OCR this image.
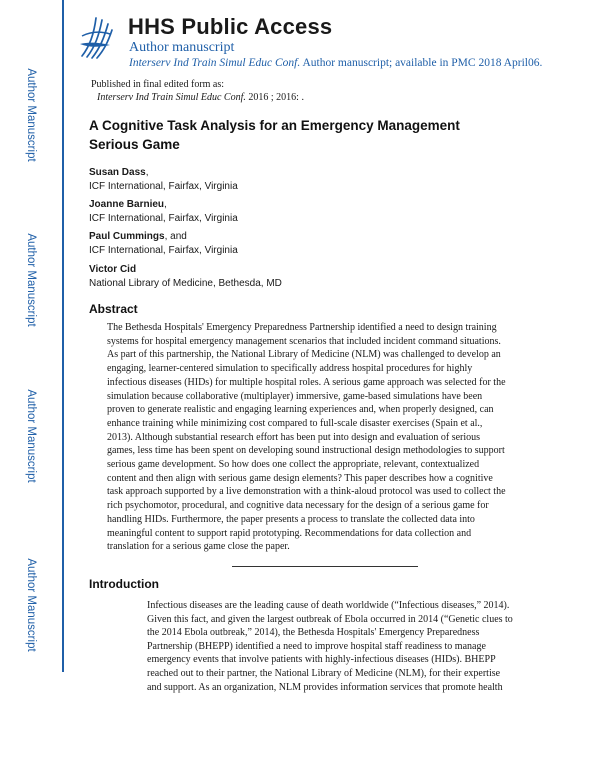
Author Manuscript
Author Manuscript
Author Manuscript
Author Manuscript
HHS Public Access
Author manuscript
Interserv Ind Train Simul Educ Conf. Author manuscript; available in PMC 2018 April06.
Published in final edited form as:
Interserv Ind Train Simul Educ Conf. 2016 ; 2016: .
A Cognitive Task Analysis for an Emergency Management Serious Game
Susan Dass,
ICF International, Fairfax, Virginia
Joanne Barnieu,
ICF International, Fairfax, Virginia
Paul Cummings, and
ICF International, Fairfax, Virginia
Victor Cid
National Library of Medicine, Bethesda, MD
Abstract

The Bethesda Hospitals' Emergency Preparedness Partnership identified a need to design training systems for hospital emergency management scenarios that included incident command situations. As part of this partnership, the National Library of Medicine (NLM) was challenged to develop an engaging, learner-centered simulation to specifically address hospital procedures for highly infectious diseases (HIDs) for multiple hospital roles. A serious game approach was selected for the simulation because collaborative (multiplayer) immersive, game-based simulations have been proven to generate realistic and engaging learning experiences and, when properly designed, can enhance training while minimizing cost compared to full-scale disaster exercises (Spain et al., 2013). Although substantial research effort has been put into design and evaluation of serious games, less time has been spent on developing sound instructional design methodologies to support serious game development. So how does one collect the appropriate, relevant, contextualized content and then align with serious game design elements? This paper describes how a cognitive task approach supported by a live demonstration with a think-aloud protocol was used to collect the rich psychomotor, procedural, and cognitive data necessary for the design of a serious game for handling HIDs. Furthermore, the paper presents a process to translate the collected data into meaningful content to support rapid prototyping. Recommendations for data collection and translation for a serious game close the paper.

Introduction

Infectious diseases are the leading cause of death worldwide (“Infectious diseases,” 2014). Given this fact, and given the largest outbreak of Ebola occurred in 2014 (“Genetic clues to the 2014 Ebola outbreak,” 2014), the Bethesda Hospitals' Emergency Preparedness Partnership (BHEPP) identified a need to improve hospital staff readiness to manage emergency events that involve patients with highly-infectious diseases (HIDs). BHEPP reached out to their partner, the National Library of Medicine (NLM), for their expertise and support. As an organization, NLM provides information services that promote health
